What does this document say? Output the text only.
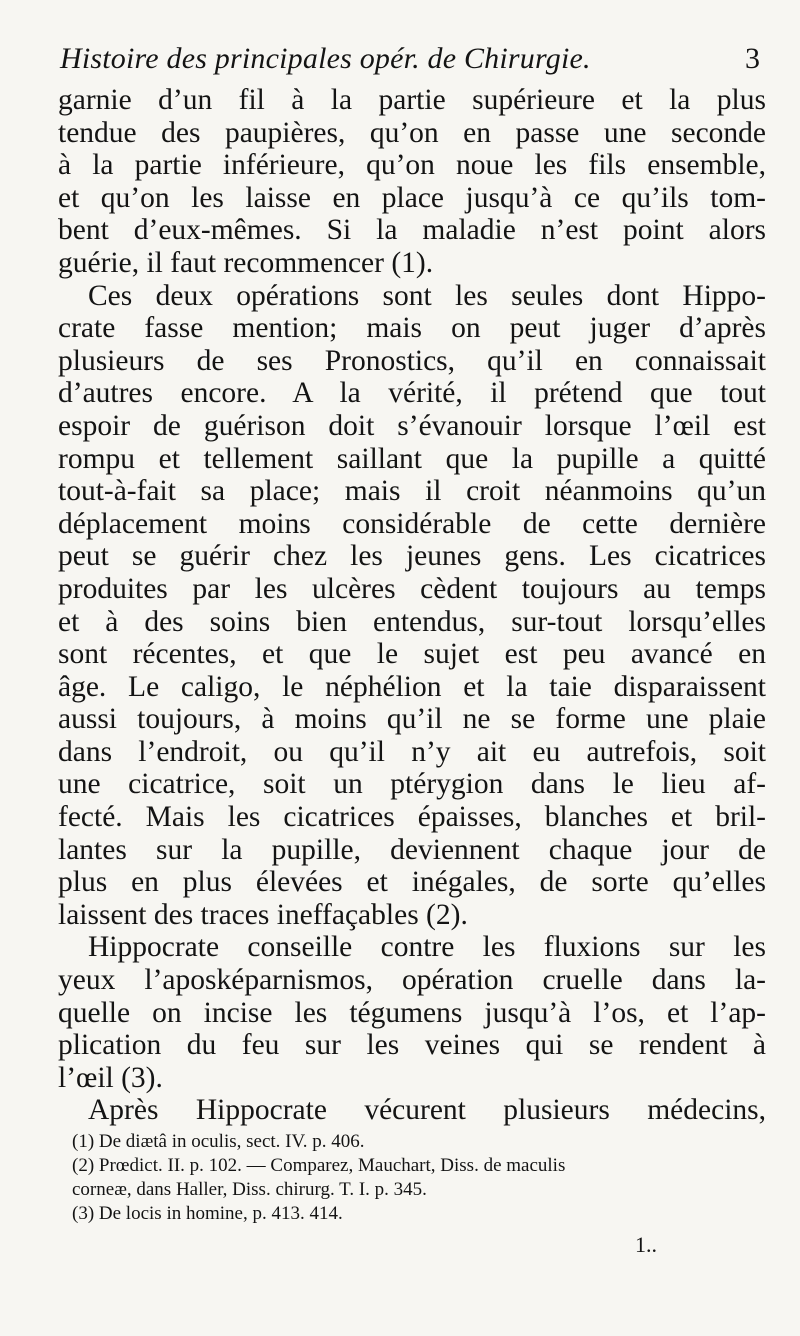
Histoire des principales opér. de Chirurgie.	3
garnie d’un fil à la partie supérieure et la plus
tendue des paupières, qu’on en passe une seconde
à la partie inférieure, qu’on noue les fils ensemble,
et qu’on les laisse en place jusqu’à ce qu’ils tom-
bent d’eux-mêmes. Si la maladie n’est point alors
guérie, il faut recommencer (1).
Ces deux opérations sont les seules dont Hippo-
crate fasse mention; mais on peut juger d’après
plusieurs de ses Pronostics, qu’il en connaissait
d’autres encore. A la vérité, il prétend que tout
espoir de guérison doit s’évanouir lorsque l’œil est
rompu et tellement saillant que la pupille a quitté
tout-à-fait sa place; mais il croit néanmoins qu’un
déplacement moins considérable de cette dernière
peut se guérir chez les jeunes gens. Les cicatrices
produites par les ulcères cèdent toujours au temps
et à des soins bien entendus, sur-tout lorsqu’elles
sont récentes, et que le sujet est peu avancé en
âge. Le caligo, le néphélion et la taie disparaissent
aussi toujours, à moins qu’il ne se forme une plaie
dans l’endroit, ou qu’il n’y ait eu autrefois, soit
une cicatrice, soit un ptérygion dans le lieu af-
fecté. Mais les cicatrices épaisses, blanches et bril-
lantes sur la pupille, deviennent chaque jour de
plus en plus élevées et inégales, de sorte qu’elles
laissent des traces ineffaçables (2).
Hippocrate conseille contre les fluxions sur les
yeux l’aposképarnismos, opération cruelle dans la-
quelle on incise les tégumens jusqu’à l’os, et l’ap-
plication du feu sur les veines qui se rendent à
l’œil (3).
Après Hippocrate vécurent plusieurs médecins,
(1) De diætâ in oculis, sect. IV. p. 406.
(2) Prœdict. II. p. 102. — Comparez, Mauchart, Diss. de maculis
corneæ, dans Haller, Diss. chirurg. T. I. p. 345.
(3) De locis in homine, p. 413. 414.
1..
